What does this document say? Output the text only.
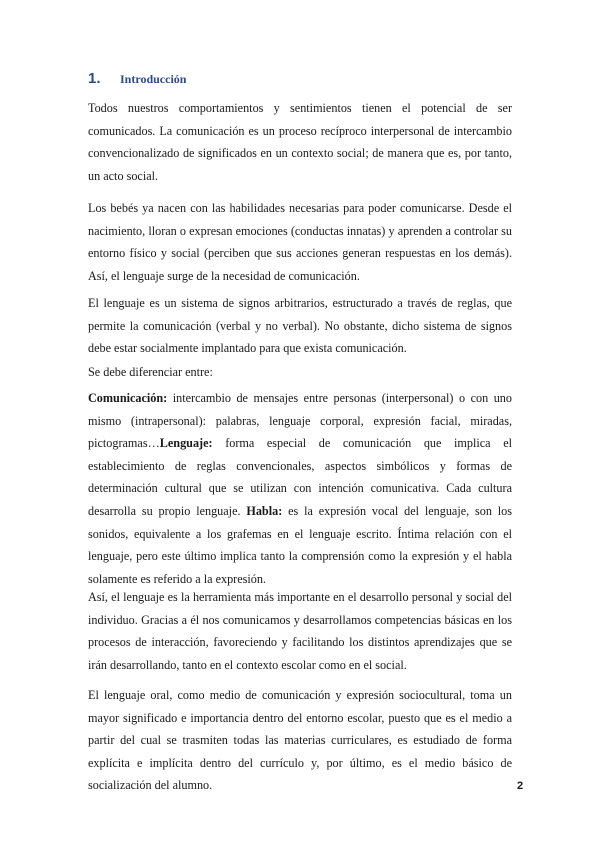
1.	Introducción

Todos nuestros comportamientos y sentimientos tienen el potencial de ser comunicados. La comunicación es un proceso recíproco interpersonal de intercambio convencionalizado de significados en un contexto social; de manera que es, por tanto, un acto social.

Los bebés ya nacen con las habilidades necesarias para poder comunicarse. Desde el nacimiento, lloran o expresan emociones (conductas innatas) y aprenden a controlar su entorno físico y social (perciben que sus acciones generan respuestas en los demás). Así, el lenguaje surge de la necesidad de comunicación.

El lenguaje es un sistema de signos arbitrarios, estructurado a través de reglas, que permite la comunicación (verbal y no verbal). No obstante, dicho sistema de signos debe estar socialmente implantado para que exista comunicación.

Se debe diferenciar entre:

Comunicación: intercambio de mensajes entre personas (interpersonal) o con uno mismo (intrapersonal): palabras, lenguaje corporal, expresión facial, miradas, pictogramas…Lenguaje: forma especial de comunicación que implica el establecimiento de reglas convencionales, aspectos simbólicos y formas de determinación cultural que se utilizan con intención comunicativa. Cada cultura desarrolla su propio lenguaje. Habla: es la expresión vocal del lenguaje, son los sonidos, equivalente a los grafemas en el lenguaje escrito. Íntima relación con el lenguaje, pero este último implica tanto la comprensión como la expresión y el habla solamente es referido a la expresión.

Así, el lenguaje es la herramienta más importante en el desarrollo personal y social del individuo. Gracias a él nos comunicamos y desarrollamos competencias básicas en los procesos de interacción, favoreciendo y facilitando los distintos aprendizajes que se irán desarrollando, tanto en el contexto escolar como en el social.

El lenguaje oral, como medio de comunicación y expresión sociocultural, toma un mayor significado e importancia dentro del entorno escolar, puesto que es el medio a partir del cual se trasmiten todas las materias curriculares, es estudiado de forma explícita e implícita dentro del currículo y, por último, es el medio básico de socialización del alumno.	2
